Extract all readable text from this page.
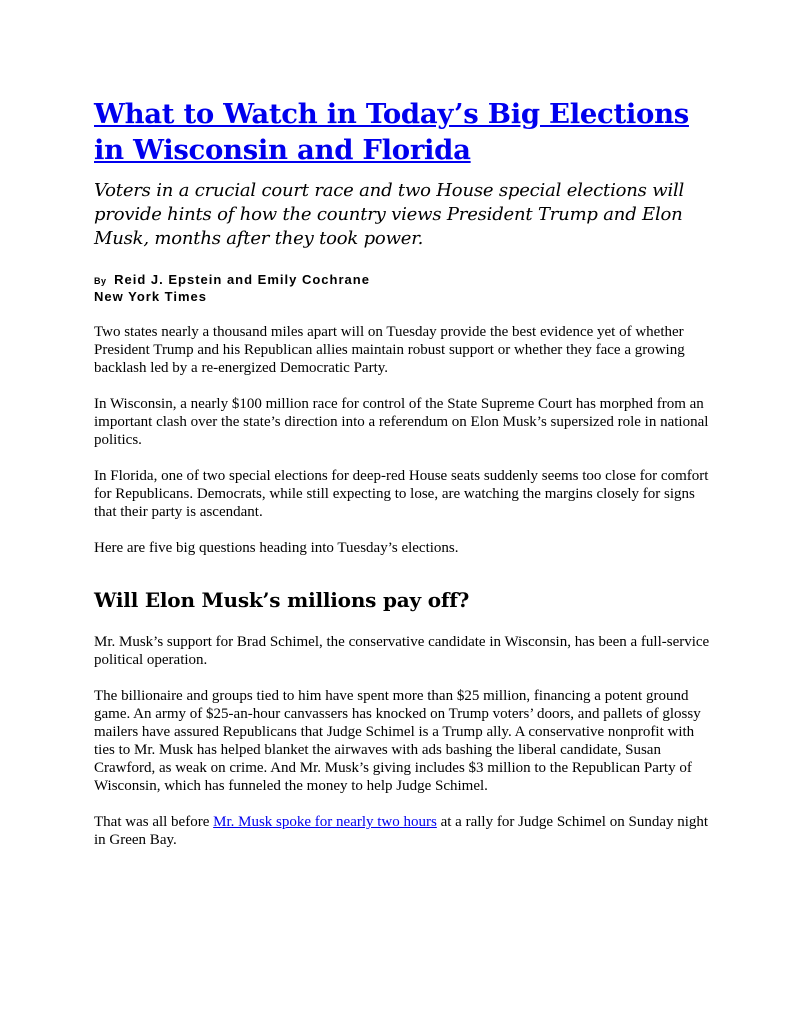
What to Watch in Today’s Big Elections in Wisconsin and Florida

Voters in a crucial court race and two House special elections will provide hints of how the country views President Trump and Elon Musk, months after they took power.

By Reid J. Epstein and Emily Cochrane
New York Times

Two states nearly a thousand miles apart will on Tuesday provide the best evidence yet of whether President Trump and his Republican allies maintain robust support or whether they face a growing backlash led by a re-energized Democratic Party.

In Wisconsin, a nearly $100 million race for control of the State Supreme Court has morphed from an important clash over the state’s direction into a referendum on Elon Musk’s supersized role in national politics.

In Florida, one of two special elections for deep-red House seats suddenly seems too close for comfort for Republicans. Democrats, while still expecting to lose, are watching the margins closely for signs that their party is ascendant.

Here are five big questions heading into Tuesday’s elections.

Will Elon Musk’s millions pay off?

Mr. Musk’s support for Brad Schimel, the conservative candidate in Wisconsin, has been a full-service political operation.

The billionaire and groups tied to him have spent more than $25 million, financing a potent ground game. An army of $25-an-hour canvassers has knocked on Trump voters’ doors, and pallets of glossy mailers have assured Republicans that Judge Schimel is a Trump ally. A conservative nonprofit with ties to Mr. Musk has helped blanket the airwaves with ads bashing the liberal candidate, Susan Crawford, as weak on crime. And Mr. Musk’s giving includes $3 million to the Republican Party of Wisconsin, which has funneled the money to help Judge Schimel.

That was all before Mr. Musk spoke for nearly two hours at a rally for Judge Schimel on Sunday night in Green Bay.
